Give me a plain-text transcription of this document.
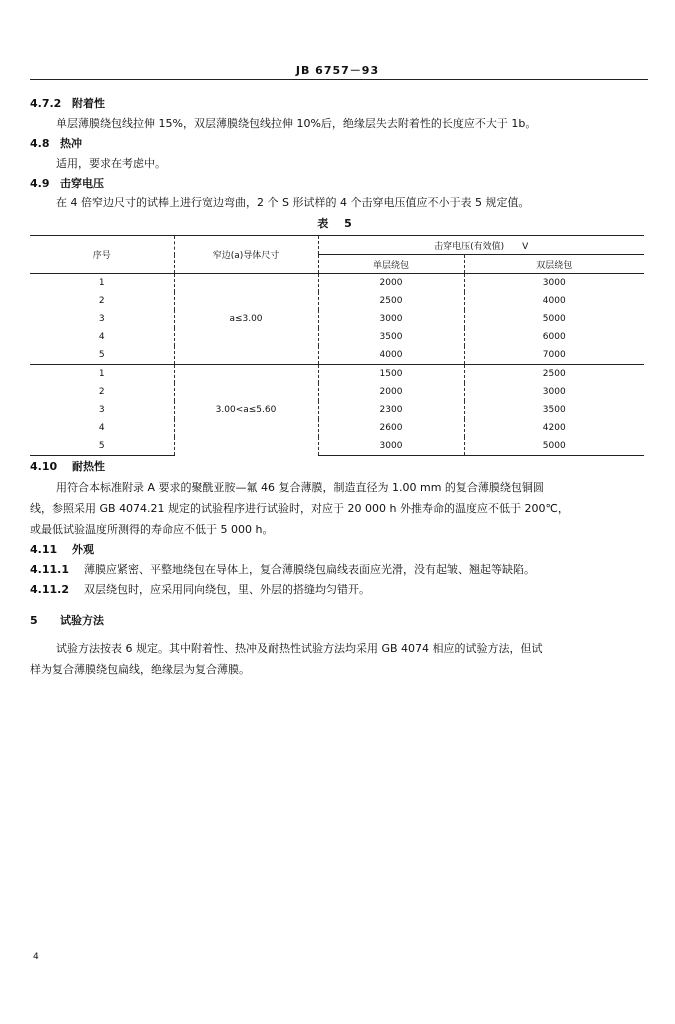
JB 6757－93
4.7.2 附着性
单层薄膜绕包线拉伸 15%，双层薄膜绕包线拉伸 10%后，绝缘层失去附着性的长度应不大于 1b。
4.8 热冲
适用，要求在考虑中。
4.9 击穿电压
在 4 倍窄边尺寸的试棒上进行宽边弯曲，2 个 S 形试样的 4 个击穿电压值应不小于表 5 规定值。
表 5
序号	窄边(a)导体尺寸	击穿电压(有效值)　　V	
		单层绕包	双层绕包
1	a≤3.00	2000	3000
2		2500	4000
3		3000	5000
4		3500	6000
5		4000	7000
1	3.00<a≤5.60	1500	2500
2		2000	3000
3		2300	3500
4		2600	4200
5		3000	5000
4.10 耐热性
用符合本标准附录 A 要求的聚酰亚胺—氟 46 复合薄膜，制造直径为 1.00 mm 的复合薄膜绕包铜圆
线，参照采用 GB 4074.21 规定的试验程序进行试验时，对应于 20 000 h 外推寿命的温度应不低于 200℃，
或最低试验温度所测得的寿命应不低于 5 000 h。
4.11 外观
4.11.1 薄膜应紧密、平整地绕包在导体上，复合薄膜绕包扁线表面应光滑，没有起皱、翘起等缺陷。
4.11.2 双层绕包时，应采用同向绕包，里、外层的搭缝均匀错开。
5 试验方法
试验方法按表 6 规定。其中附着性、热冲及耐热性试验方法均采用 GB 4074 相应的试验方法，但试
样为复合薄膜绕包扁线，绝缘层为复合薄膜。
4
